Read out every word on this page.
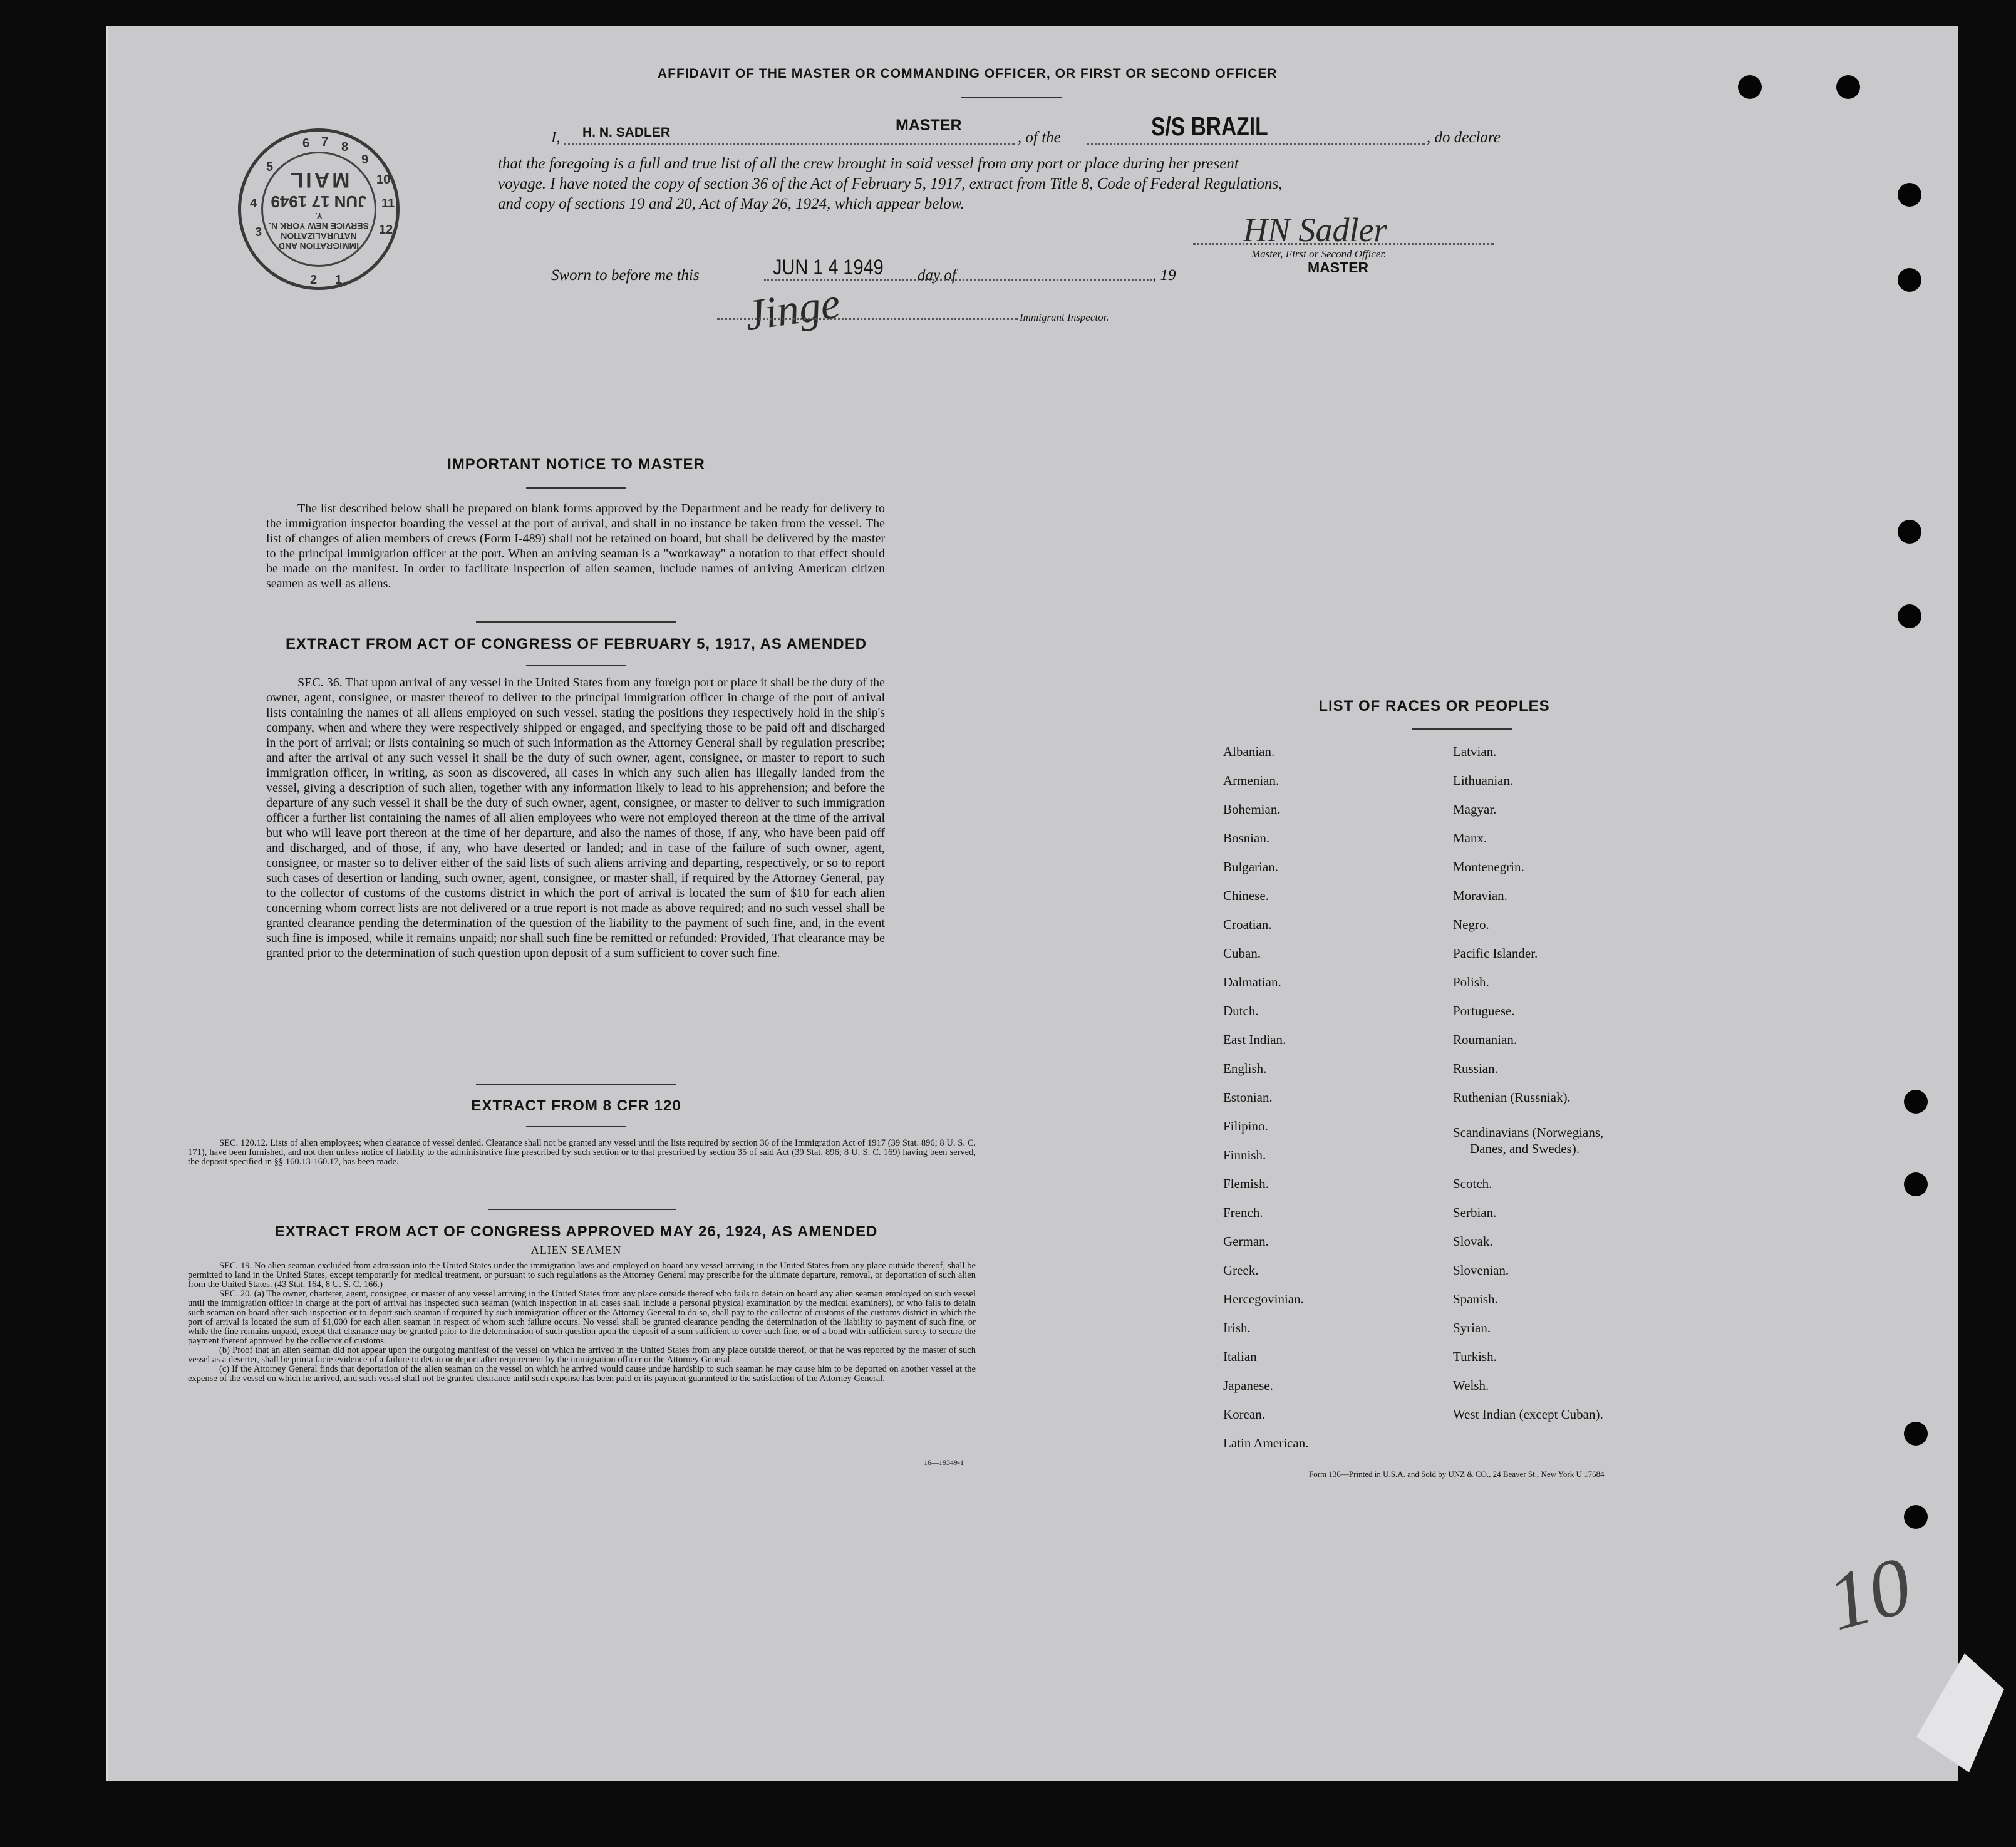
AFFIDAVIT OF THE MASTER OR COMMANDING OFFICER, OR FIRST OR SECOND OFFICER
IMMIGRATION AND NATURALIZATION SERVICE NEW YORK N. Y.
JUN 17 1949
MAIL
6 7 8
9
10
11
12
1
2
3
4
5
I, H. N. SADLER	MASTER
, of the	S/S BRAZIL	, do declare
that the foregoing is a full and true list of all the crew brought in said vessel from any port or place during her present
voyage. I have noted the copy of section 36 of the Act of February 5, 1917, extract from Title 8, Code of Federal Regulations,
and copy of sections 19 and 20, Act of May 26, 1924, which appear below.
HN Sadler
Master, First or Second Officer.
MASTER
Sworn to before me this	JUN 1 4 1949 day of	, 19
Jinge	Immigrant Inspector.
IMPORTANT NOTICE TO MASTER
The list described below shall be prepared on blank forms approved by the Department and be ready for delivery to the immigration inspector boarding the vessel at the port of arrival, and shall in no instance be taken from the vessel. The list of changes of alien members of crews (Form I-489) shall not be retained on board, but shall be delivered by the master to the principal immigration officer at the port. When an arriving seaman is a "workaway" a notation to that effect should be made on the manifest. In order to facilitate inspection of alien seamen, include names of arriving American citizen seamen as well as aliens.
EXTRACT FROM ACT OF CONGRESS OF FEBRUARY 5, 1917, AS AMENDED
SEC. 36. That upon arrival of any vessel in the United States from any foreign port or place it shall be the duty of the owner, agent, consignee, or master thereof to deliver to the principal immigration officer in charge of the port of arrival lists containing the names of all aliens employed on such vessel, stating the positions they respectively hold in the ship's company, when and where they were respectively shipped or engaged, and specifying those to be paid off and discharged in the port of arrival; or lists containing so much of such information as the Attorney General shall by regulation prescribe; and after the arrival of any such vessel it shall be the duty of such owner, agent, consignee, or master to report to such immigration officer, in writing, as soon as discovered, all cases in which any such alien has illegally landed from the vessel, giving a description of such alien, together with any information likely to lead to his apprehension; and before the departure of any such vessel it shall be the duty of such owner, agent, consignee, or master to deliver to such immigration officer a further list containing the names of all alien employees who were not employed thereon at the time of the arrival but who will leave port thereon at the time of her departure, and also the names of those, if any, who have been paid off and discharged, and of those, if any, who have deserted or landed; and in case of the failure of such owner, agent, consignee, or master so to deliver either of the said lists of such aliens arriving and departing, respectively, or so to report such cases of desertion or landing, such owner, agent, consignee, or master shall, if required by the Attorney General, pay to the collector of customs of the customs district in which the port of arrival is located the sum of $10 for each alien concerning whom correct lists are not delivered or a true report is not made as above required; and no such vessel shall be granted clearance pending the determination of the question of the liability to the payment of such fine, and, in the event such fine is imposed, while it remains unpaid; nor shall such fine be remitted or refunded: Provided, That clearance may be granted prior to the determination of such question upon deposit of a sum sufficient to cover such fine.
EXTRACT FROM 8 CFR 120
SEC. 120.12. Lists of alien employees; when clearance of vessel denied. Clearance shall not be granted any vessel until the lists required by section 36 of the Immigration Act of 1917 (39 Stat. 896; 8 U. S. C. 171), have been furnished, and not then unless notice of liability to the administrative fine prescribed by such section or to that prescribed by section 35 of said Act (39 Stat. 896; 8 U. S. C. 169) having been served, the deposit specified in §§ 160.13-160.17, has been made.
EXTRACT FROM ACT OF CONGRESS APPROVED MAY 26, 1924, AS AMENDED
ALIEN SEAMEN
SEC. 19. No alien seaman excluded from admission into the United States under the immigration laws and employed on board any vessel arriving in the United States from any place outside thereof, shall be permitted to land in the United States, except temporarily for medical treatment, or pursuant to such regulations as the Attorney General may prescribe for the ultimate departure, removal, or deportation of such alien from the United States. (43 Stat. 164, 8 U. S. C. 166.)
SEC. 20. (a) The owner, charterer, agent, consignee, or master of any vessel arriving in the United States from any place outside thereof who fails to detain on board any alien seaman employed on such vessel until the immigration officer in charge at the port of arrival has inspected such seaman (which inspection in all cases shall include a personal physical examination by the medical examiners), or who fails to detain such seaman on board after such inspection or to deport such seaman if required by such immigration officer or the Attorney General to do so, shall pay to the collector of customs of the customs district in which the port of arrival is located the sum of $1,000 for each alien seaman in respect of whom such failure occurs. No vessel shall be granted clearance pending the determination of the liability to payment of such fine, or while the fine remains unpaid, except that clearance may be granted prior to the determination of such question upon the deposit of a sum sufficient to cover such fine, or of a bond with sufficient surety to secure the payment thereof approved by the collector of customs.
(b) Proof that an alien seaman did not appear upon the outgoing manifest of the vessel on which he arrived in the United States from any place outside thereof, or that he was reported by the master of such vessel as a deserter, shall be prima facie evidence of a failure to detain or deport after requirement by the immigration officer or the Attorney General.
(c) If the Attorney General finds that deportation of the alien seaman on the vessel on which he arrived would cause undue hardship to such seaman he may cause him to be deported on another vessel at the expense of the vessel on which he arrived, and such vessel shall not be granted clearance until such expense has been paid or its payment guaranteed to the satisfaction of the Attorney General.
16—19349-1
LIST OF RACES OR PEOPLES
Albanian.
Armenian.
Bohemian.
Bosnian.
Bulgarian.
Chinese.
Croatian.
Cuban.
Dalmatian.
Dutch.
East Indian.
English.
Estonian.
Filipino.
Finnish.
Flemish.
French.
German.
Greek.
Hercegovinian.
Irish.
Italian
Japanese.
Korean.
Latin American.
Latvian.
Lithuanian.
Magyar.
Manx.
Montenegrin.
Moravian.
Negro.
Pacific Islander.
Polish.
Portuguese.
Roumanian.
Russian.
Ruthenian (Russniak).
Scandinavians (Norwegians,
Danes, and Swedes).
Scotch.
Serbian.
Slovak.
Slovenian.
Spanish.
Syrian.
Turkish.
Welsh.
West Indian (except Cuban).
Form 136—Printed in U.S.A. and Sold by UNZ & CO., 24 Beaver St., New York U 17684
10
